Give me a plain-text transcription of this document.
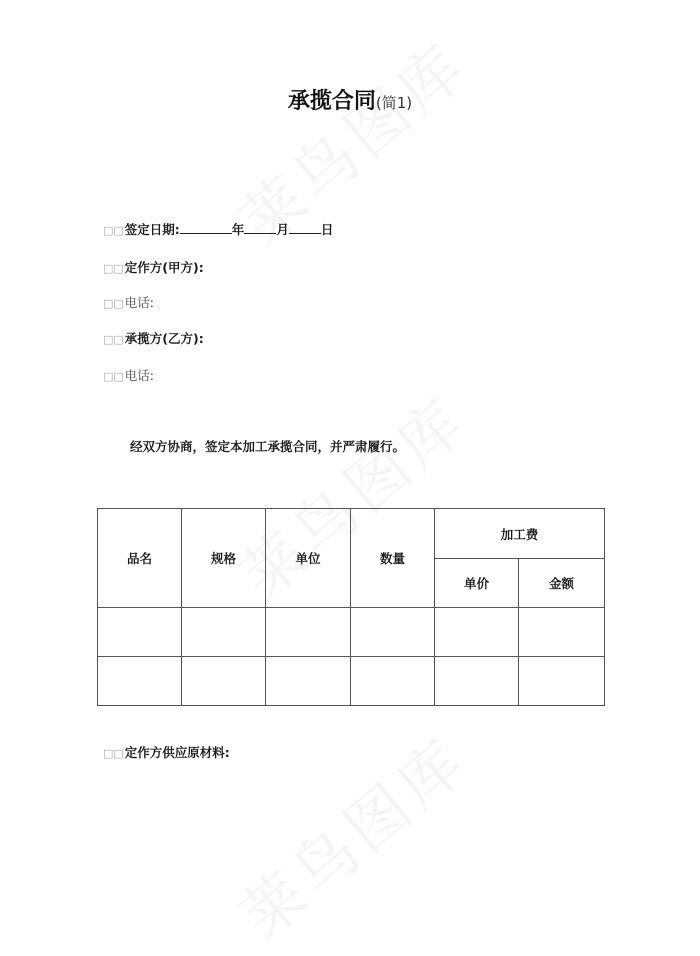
承揽合同(简1)
□□签定日期:	年	月	日
□□定作方(甲方):
□□电话:
□□承揽方(乙方):
□□电话:
经双方协商，签定本加工承揽合同，并严肃履行。
品名	规格	单位	数量	加工费	
				单价	金额

□□定作方供应原材料:
